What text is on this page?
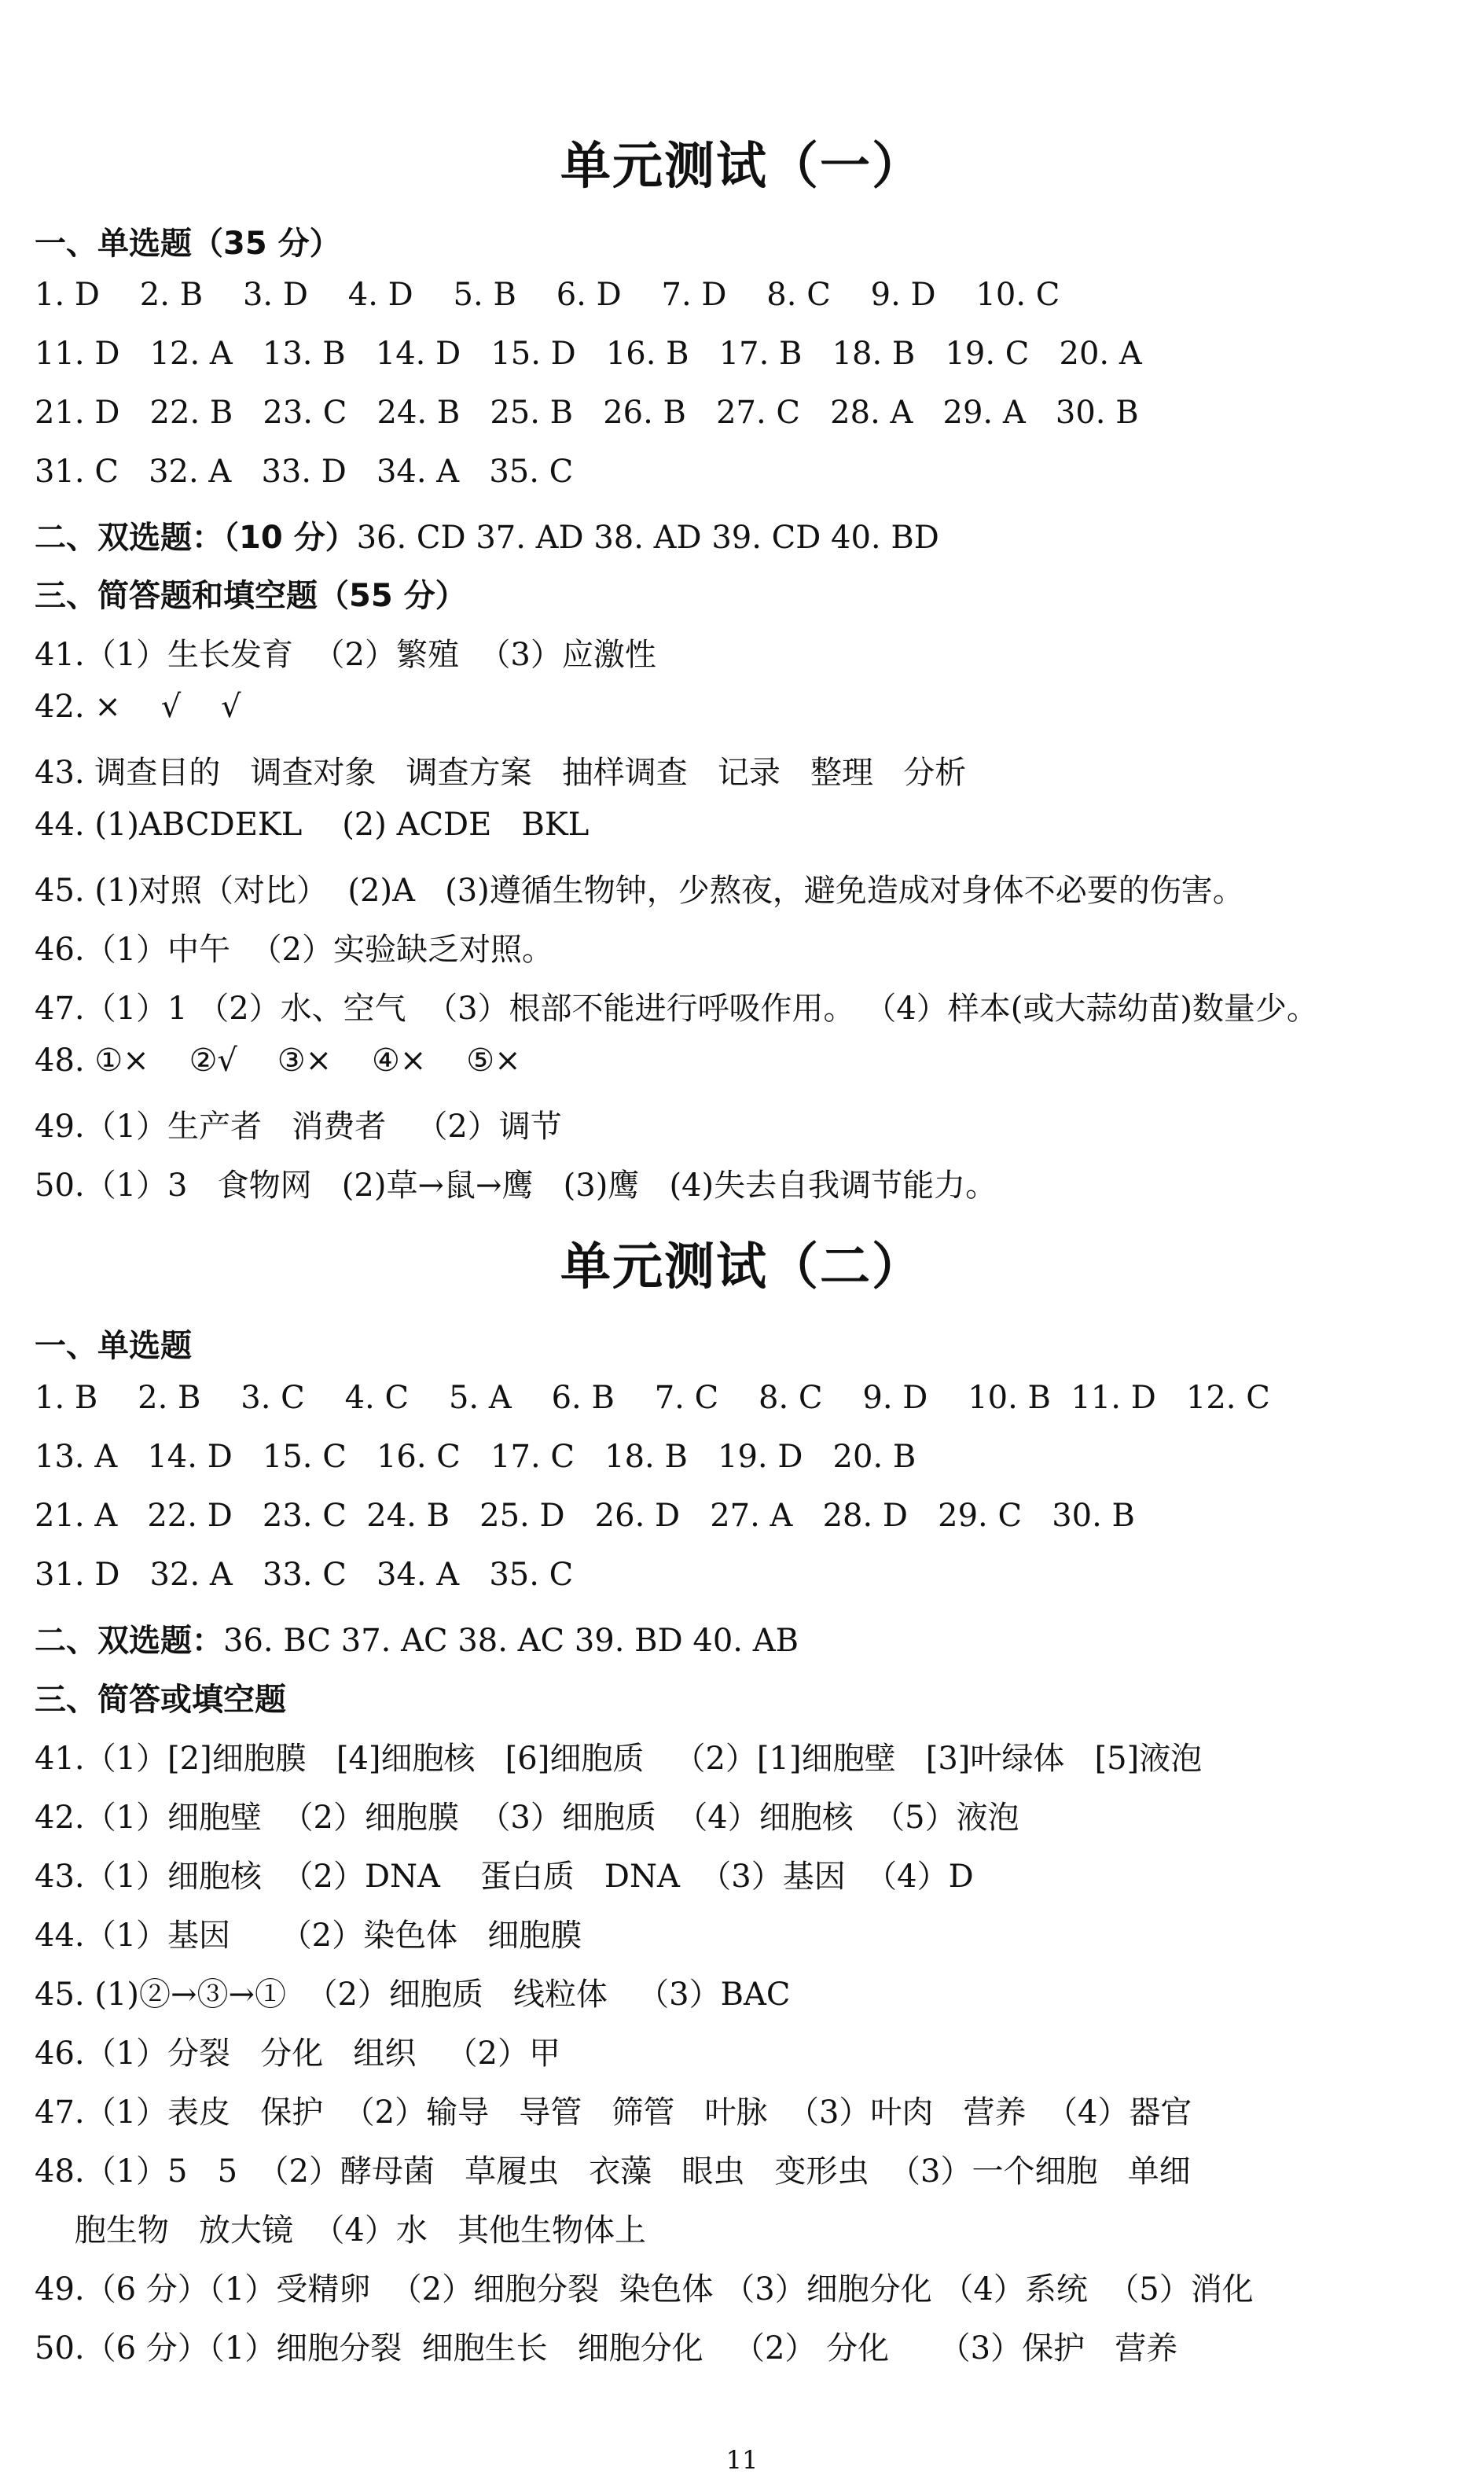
单元测试（一）
一、单选题（35 分）
1. D    2. B    3. D    4. D    5. B    6. D    7. D    8. C    9. D    10. C
11. D   12. A   13. B   14. D   15. D   16. B   17. B   18. B   19. C   20. A
21. D   22. B   23. C   24. B   25. B   26. B   27. C   28. A   29. A   30. B
31. C   32. A   33. D   34. A   35. C
二、双选题：（10 分）36. CD 37. AD 38. AD 39. CD 40. BD
三、简答题和填空题（55 分）
41.（1）生长发育  （2）繁殖  （3）应激性
42. ×    √    √
43. 调查目的   调查对象   调查方案   抽样调查   记录   整理   分析
44. (1)ABCDEKL    (2) ACDE   BKL
45. (1)对照（对比）  (2)A   (3)遵循生物钟，少熬夜，避免造成对身体不必要的伤害。
46.（1）中午  （2）实验缺乏对照。
47.（1）1 （2）水、空气  （3）根部不能进行呼吸作用。 （4）样本(或大蒜幼苗)数量少。
48. ①×    ②√    ③×    ④×    ⑤×
49.（1）生产者   消费者   （2）调节
50.（1）3   食物网   (2)草→鼠→鹰   (3)鹰   (4)失去自我调节能力。
单元测试（二）
一、单选题
1. B    2. B    3. C    4. C    5. A    6. B    7. C    8. C    9. D    10. B  11. D   12. C
13. A   14. D   15. C   16. C   17. C   18. B   19. D   20. B
21. A   22. D   23. C  24. B   25. D   26. D   27. A   28. D   29. C   30. B
31. D   32. A   33. C   34. A   35. C
二、双选题：36. BC 37. AC 38. AC 39. BD 40. AB
三、简答或填空题
41.（1）[2]细胞膜   [4]细胞核   [6]细胞质   （2）[1]细胞壁   [3]叶绿体   [5]液泡
42.（1）细胞壁  （2）细胞膜  （3）细胞质  （4）细胞核  （5）液泡
43.（1）细胞核  （2）DNA    蛋白质   DNA  （3）基因  （4）D
44.（1）基因     （2）染色体   细胞膜
45. (1)②→③→①  （2）细胞质   线粒体   （3）BAC
46.（1）分裂   分化   组织   （2）甲
47.（1）表皮   保护  （2）输导   导管   筛管   叶脉  （3）叶肉   营养  （4）器官
48.（1）5   5  （2）酵母菌   草履虫   衣藻   眼虫   变形虫  （3）一个细胞   单细
胞生物   放大镜  （4）水   其他生物体上
49.（6 分）（1）受精卵  （2）细胞分裂  染色体 （3）细胞分化 （4）系统  （5）消化
50.（6 分）（1）细胞分裂  细胞生长   细胞分化   （2） 分化     （3）保护   营养
11
